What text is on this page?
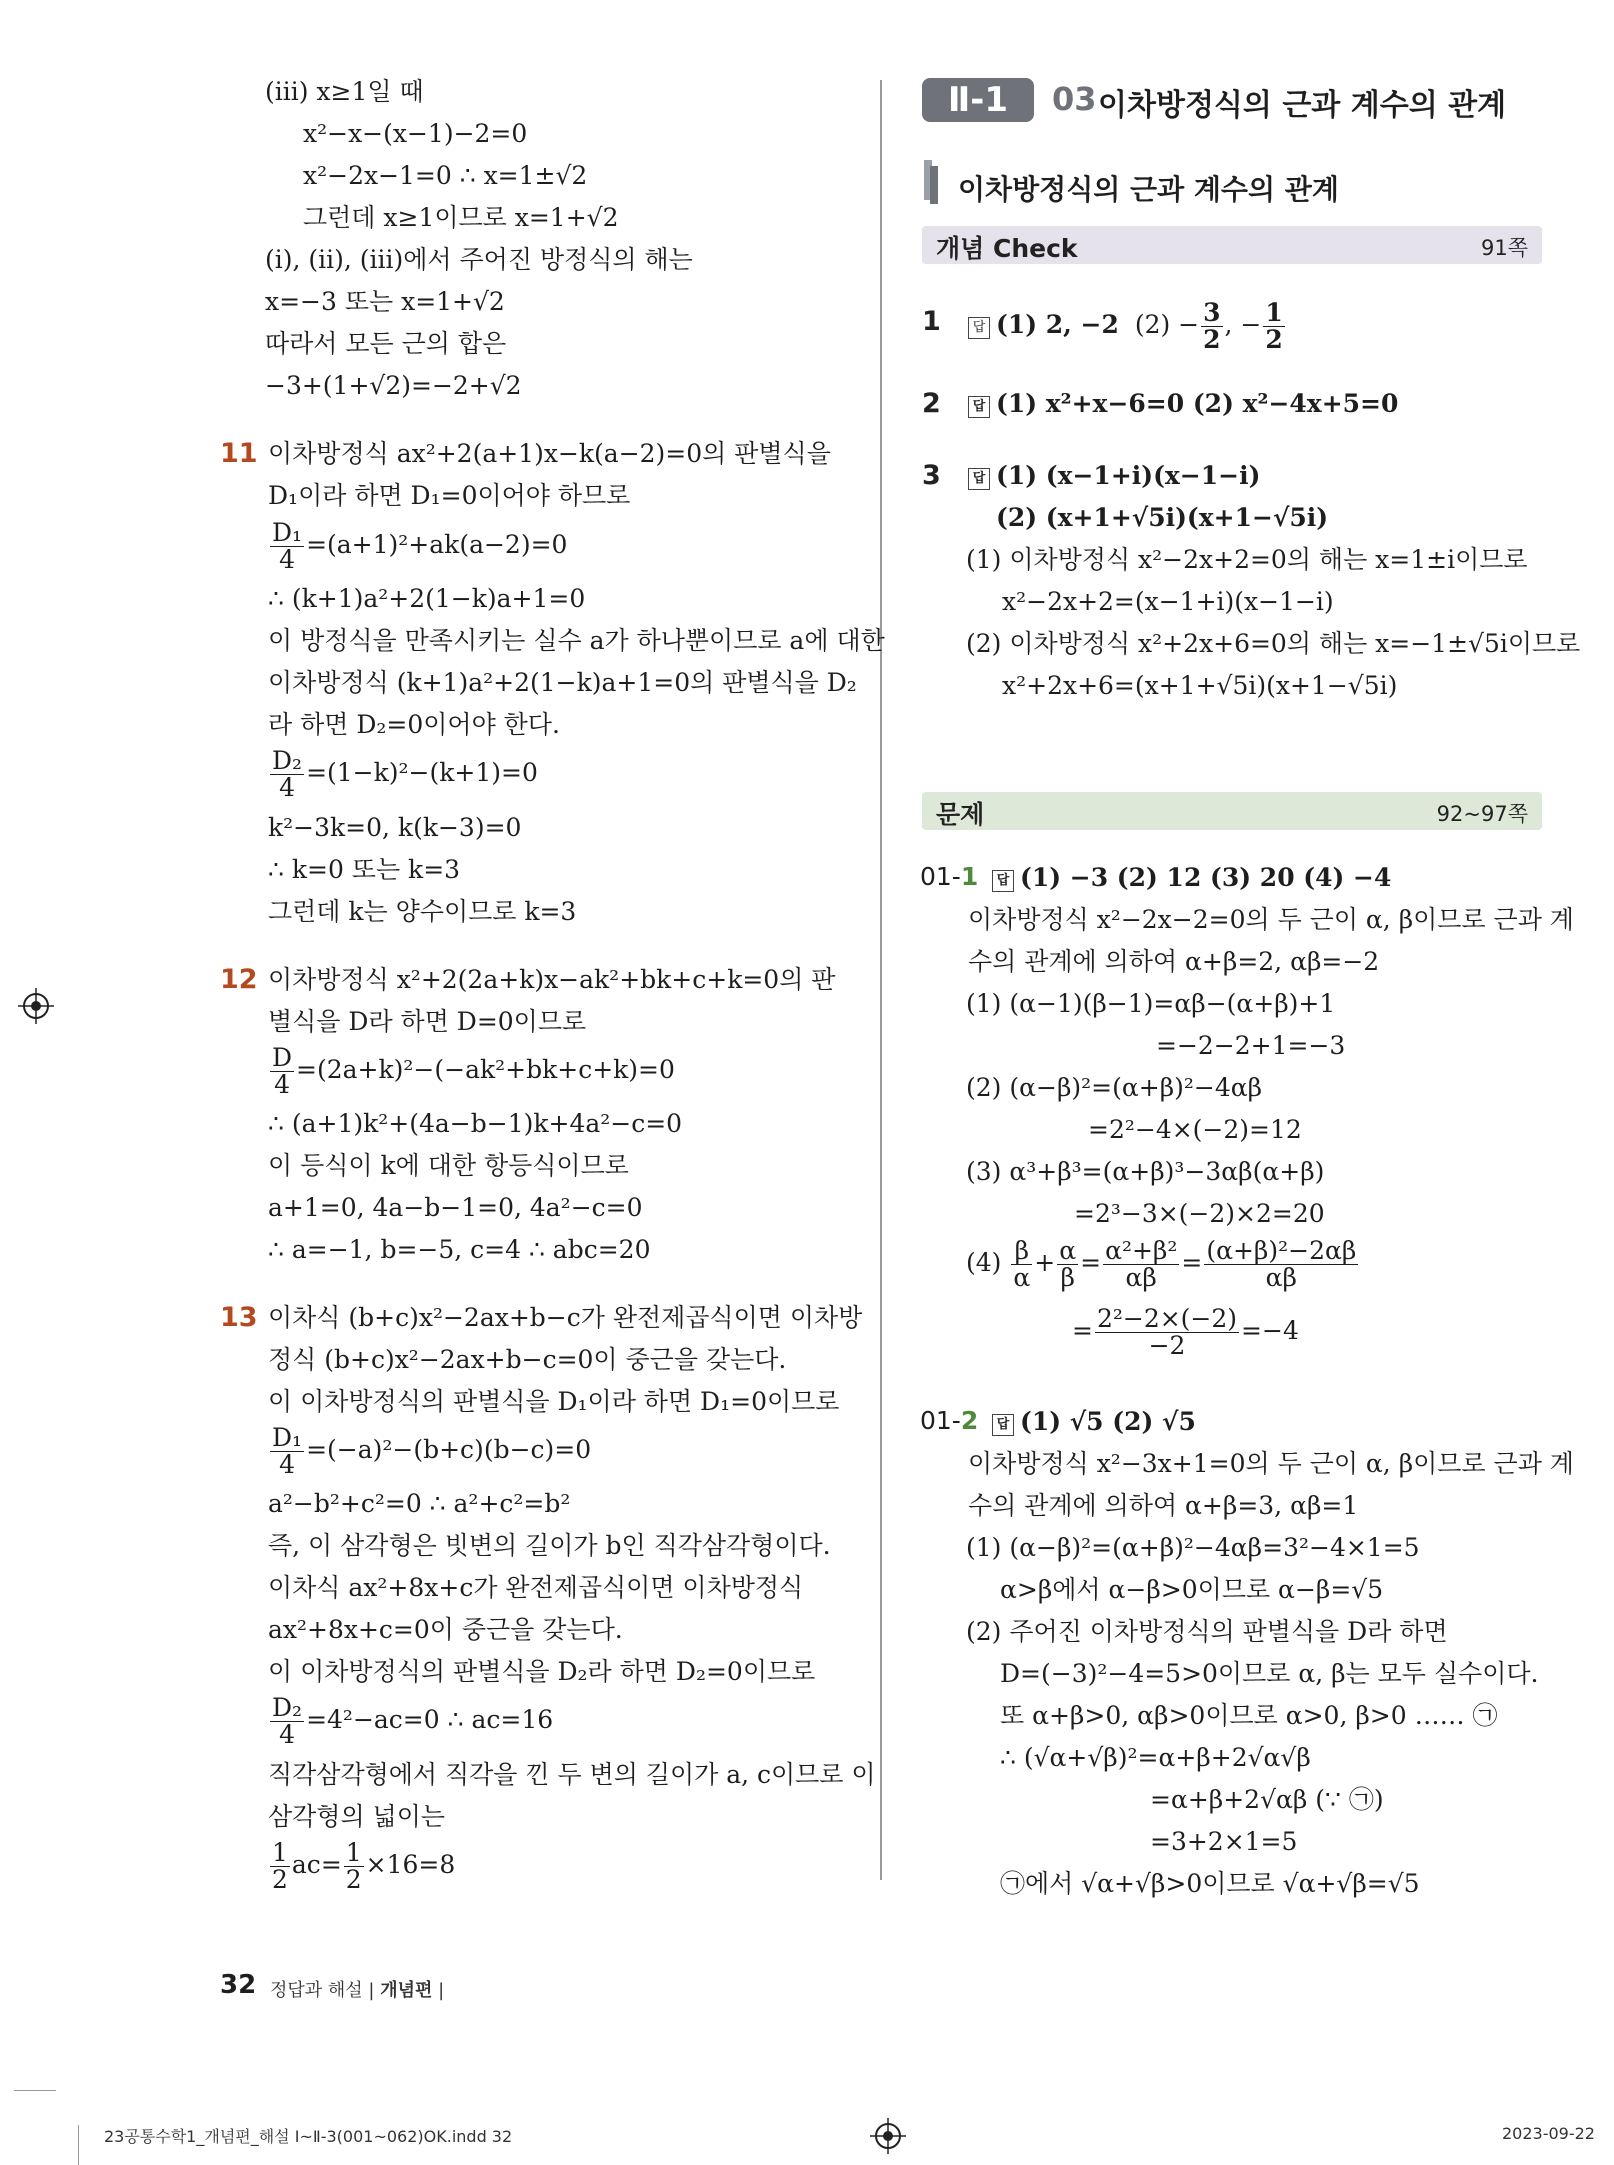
(ⅲ) x≥1일 때
x²−x−(x−1)−2=0
x²−2x−1=0 ∴ x=1±√2
그런데 x≥1이므로 x=1+√2
(ⅰ), (ⅱ), (ⅲ)에서 주어진 방정식의 해는
x=−3 또는 x=1+√2
따라서 모든 근의 합은
−3+(1+√2)=−2+√2
11 이차방정식 ax²+2(a+1)x−k(a−2)=0의 판별식을
D₁이라 하면 D₁=0이어야 하므로
$\frac{\text{D₁}}{4} =(a+1)^2+ak(a-2)=0$
∴ (k+1)a²+2(1−k)a+1=0
이 방정식을 만족시키는 실수 a가 하나뿐이므로 a에 대한
이차방정식 (k+1)a²+2(1−k)a+1=0의 판별식을 D₂
라 하면 D₂=0이어야 한다.
$\frac{\text{D₂}}{4} =(1-k)^2-(k+1)=0$
k²−3k=0, k(k−3)=0
∴ k=0 또는 k=3
그런데 k는 양수이므로 k=3
12 이차방정식 x²+2(2a+k)x−ak²+bk+c+k=0의 판
별식을 D라 하면 D=0이므로
$\frac{D}{4} =(2a+k)^2-(-ak^2+bk+c+k)=0$
∴ (a+1)k²+(4a−b−1)k+4a²−c=0
이 등식이 k에 대한 항등식이므로
a+1=0, 4a−b−1=0, 4a²−c=0
∴ a=−1, b=−5, c=4 ∴ abc=20
13 이차식 (b+c)x²−2ax+b−c가 완전제곱식이면 이차방
정식 (b+c)x²−2ax+b−c=0이 중근을 갖는다.
이 이차방정식의 판별식을 D₁이라 하면 D₁=0이므로
$\frac{\text{D₁}}{4} =(-a)^2-(b+c)(b-c)=0$
a²−b²+c²=0 ∴ a²+c²=b²
즉, 이 삼각형은 빗변의 길이가 b인 직각삼각형이다.
이차식 ax²+8x+c가 완전제곱식이면 이차방정식
ax²+8x+c=0이 중근을 갖는다.
이 이차방정식의 판별식을 D₂라 하면 D₂=0이므로
$\frac{\text{D₂}}{4} =4^2-ac=0$ ∴ ac=16
직각삼각형에서 직각을 낀 두 변의 길이가 a, c이므로 이
삼각형의 넓이는
$\frac{1}{2} ac= \frac{1}{2} \times 16=8$
Ⅱ-1	03 이차방정식의 근과 계수의 관계
이차방정식의 근과 계수의 관계
개념 Check	91쪽
1	답 (1) 2, −2 $(2) - \frac{3}{2}$ , − $\frac{1}{2}$
2	답 (1) x²+x−6=0 (2) x²−4x+5=0
3	답 (1) (x−1+i)(x−1−i)
(2) (x+1+√5i)(x+1−√5i)
(1) 이차방정식 x²−2x+2=0의 해는 x=1±i이므로
x²−2x+2=(x−1+i)(x−1−i)
(2) 이차방정식 x²+2x+6=0의 해는 x=−1±√5i이므로
x²+2x+6=(x+1+√5i)(x+1−√5i)
문제	92~97쪽
01-1	답 (1) −3 (2) 12 (3) 20 (4) −4
이차방정식 x²−2x−2=0의 두 근이 α, β이므로 근과 계
수의 관계에 의하여 α+β=2, αβ=−2
(1) (α−1)(β−1)=αβ−(α+β)+1
=−2−2+1=−3
(2) (α−β)²=(α+β)²−4αβ
=2²−4×(−2)=12
(3) α³+β³=(α+β)³−3αβ(α+β)
=2³−3×(−2)×2=20
$(4) \frac{\beta}{\alpha} + \frac{\alpha}{\beta} = \frac{\text{α²+β²}}{\alpha\beta} = \frac{\text{(α+β)²−2αβ}}{\alpha\beta}$
= $\frac{\text{2²−2×(−2)}}{-2} =-4$
01-2	답 (1) √5 (2) √5
이차방정식 x²−3x+1=0의 두 근이 α, β이므로 근과 계
수의 관계에 의하여 α+β=3, αβ=1
(1) (α−β)²=(α+β)²−4αβ=3²−4×1=5
α>β에서 α−β>0이므로 α−β=√5
(2) 주어진 이차방정식의 판별식을 D라 하면
D=(−3)²−4=5>0이므로 α, β는 모두 실수이다.
또 α+β>0, αβ>0이므로 α>0, β>0 …… ㉠
∴ (√α+√β)²=α+β+2√α√β
=α+β+2√αβ (∵ ㉠)
=3+2×1=5
㉠에서 √α+√β>0이므로 √α+√β=√5
32 정답과 해설 | 개념편 |
23공통수학1_개념편_해설 Ⅰ~Ⅱ-3(001~062)OK.indd 32	2023-09-22
